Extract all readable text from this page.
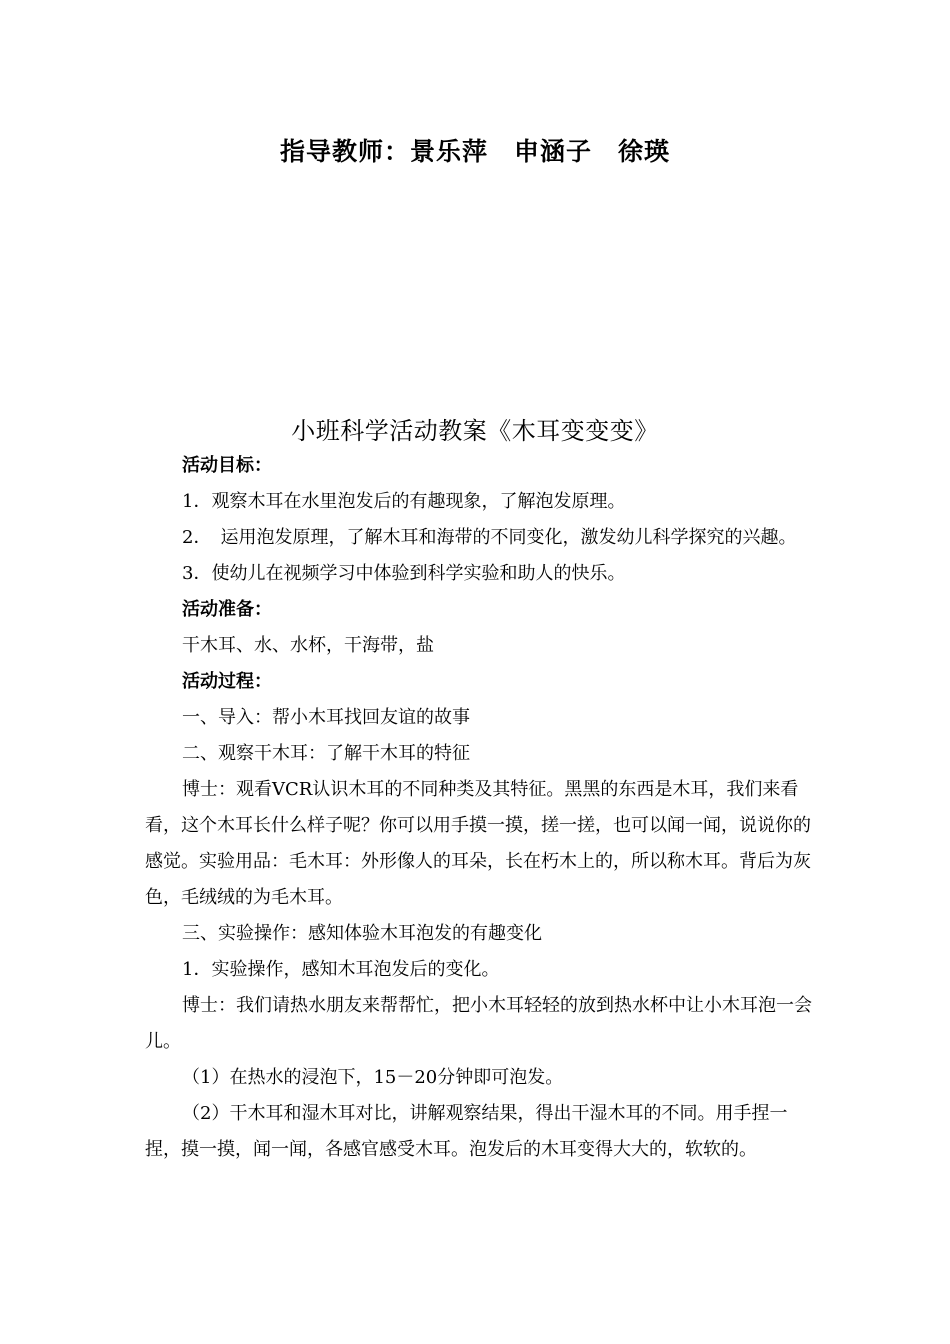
指导教师：景乐萍　申涵子　徐瑛
小班科学活动教案《木耳变变变》

活动目标：

1．观察木耳在水里泡发后的有趣现象，了解泡发原理。

2．　运用泡发原理，了解木耳和海带的不同变化，激发幼儿科学探究的兴趣。

3．使幼儿在视频学习中体验到科学实验和助人的快乐。

活动准备：

干木耳、水、水杯，干海带，盐

活动过程：

一、导入：帮小木耳找回友谊的故事

二、观察干木耳：了解干木耳的特征

博士：观看VCR认识木耳的不同种类及其特征。黑黑的东西是木耳，我们来看看，这个木耳长什么样子呢？你可以用手摸一摸，搓一搓，也可以闻一闻，说说你的感觉。实验用品：毛木耳：外形像人的耳朵，长在朽木上的，所以称木耳。背后为灰色，毛绒绒的为毛木耳。

三、实验操作：感知体验木耳泡发的有趣变化

1．实验操作，感知木耳泡发后的变化。

博士：我们请热水朋友来帮帮忙，把小木耳轻轻的放到热水杯中让小木耳泡一会儿。

（1）在热水的浸泡下，15－20分钟即可泡发。

（2）干木耳和湿木耳对比，讲解观察结果，得出干湿木耳的不同。用手捏一捏，摸一摸，闻一闻，各感官感受木耳。泡发后的木耳变得大大的，软软的。
